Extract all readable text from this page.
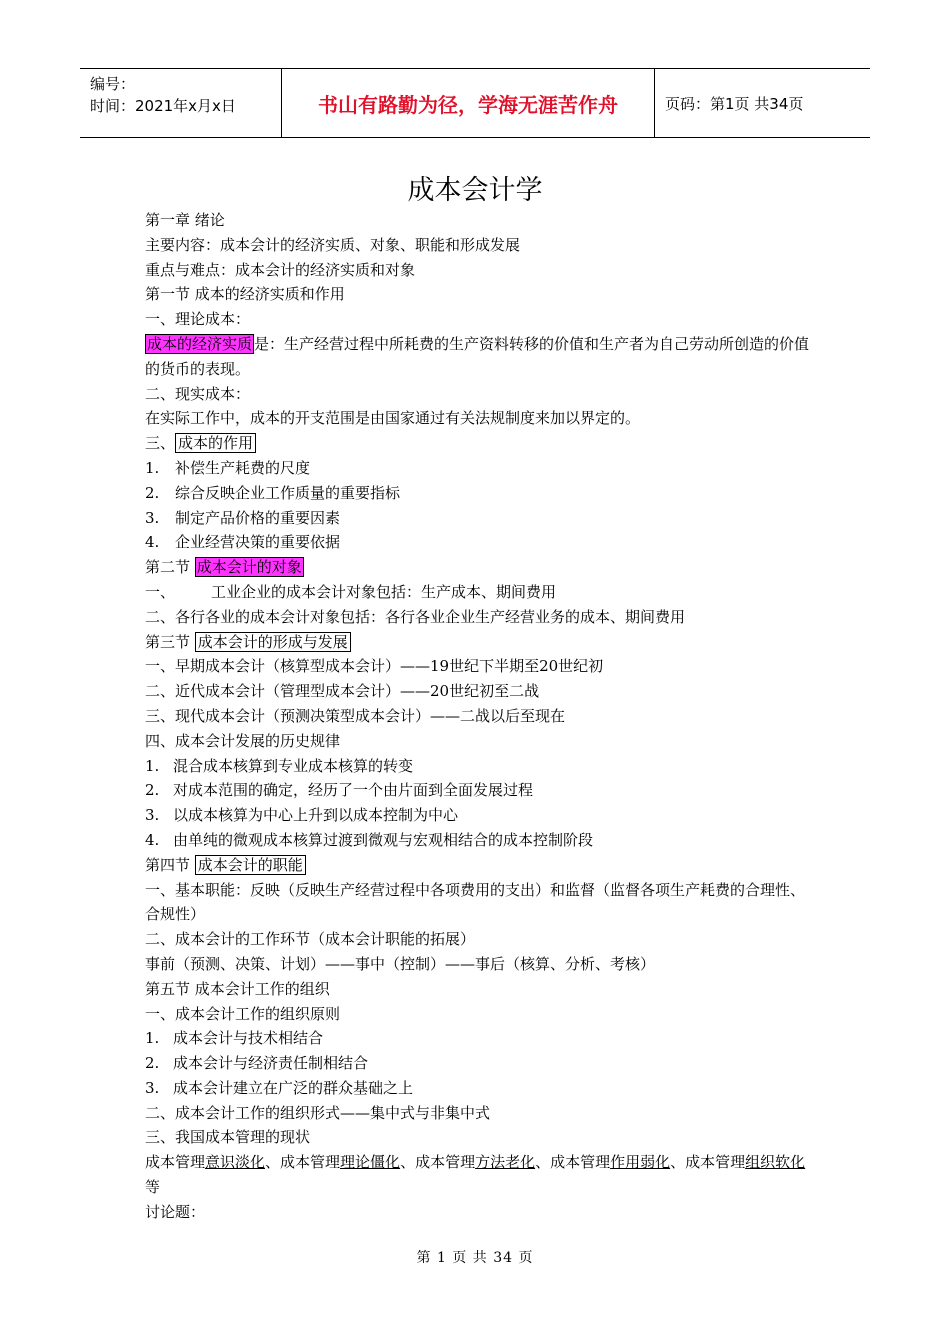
编号：
时间：2021年x月x日	书山有路勤为径，学海无涯苦作舟	页码：第1页 共34页
成本会计学
第一章 绪论
主要内容：成本会计的经济实质、对象、职能和形成发展
重点与难点：成本会计的经济实质和对象
第一节 成本的经济实质和作用
一、理论成本：
成本的经济实质 是：生产经营过程中所耗费的生产资料转移的价值和生产者为自己劳动所创造的价值的货币的表现。
二、现实成本：
在实际工作中，成本的开支范围是由国家通过有关法规制度来加以界定的。
三、 成本的作用
1. 补偿生产耗费的尺度
2. 综合反映企业工作质量的重要指标
3. 制定产品价格的重要因素
4. 企业经营决策的重要依据
第二节 成本会计的对象
一、 工业企业的成本会计对象包括：生产成本、期间费用
二、各行各业的成本会计对象包括：各行各业企业生产经营业务的成本、期间费用
第三节 成本会计的形成与发展
一、早期成本会计（核算型成本会计）——19世纪下半期至20世纪初
二、近代成本会计（管理型成本会计）——20世纪初至二战
三、现代成本会计（预测决策型成本会计）——二战以后至现在
四、成本会计发展的历史规律
1. 混合成本核算到专业成本核算的转变
2. 对成本范围的确定，经历了一个由片面到全面发展过程
3. 以成本核算为中心上升到以成本控制为中心
4. 由单纯的微观成本核算过渡到微观与宏观相结合的成本控制阶段
第四节 成本会计的职能
一、基本职能：反映（反映生产经营过程中各项费用的支出）和监督（监督各项生产耗费的合理性、合规性）
二、成本会计的工作环节（成本会计职能的拓展）
事前（预测、决策、计划）——事中（控制）——事后（核算、分析、考核）
第五节 成本会计工作的组织
一、成本会计工作的组织原则
1. 成本会计与技术相结合
2. 成本会计与经济责任制相结合
3. 成本会计建立在广泛的群众基础之上
二、成本会计工作的组织形式——集中式与非集中式
三、我国成本管理的现状
成本管理意识淡化、成本管理理论僵化、成本管理方法老化、成本管理作用弱化、成本管理组织软化等
讨论题：
第 1 页 共 34 页
